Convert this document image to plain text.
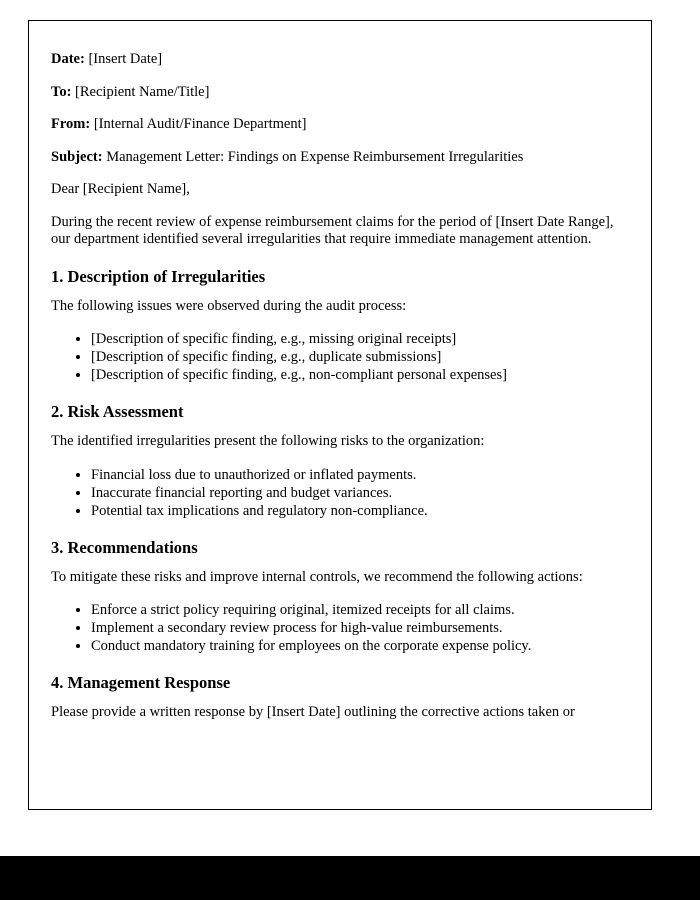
Date: [Insert Date]

To: [Recipient Name/Title]

From: [Internal Audit/Finance Department]

Subject: Management Letter: Findings on Expense Reimbursement Irregularities

Dear [Recipient Name],

During the recent review of expense reimbursement claims for the period of [Insert Date Range], our department identified several irregularities that require immediate management attention.

1. Description of Irregularities

The following issues were observed during the audit process:

• [Description of specific finding, e.g., missing original receipts]
• [Description of specific finding, e.g., duplicate submissions]
• [Description of specific finding, e.g., non-compliant personal expenses]
2. Risk Assessment

The identified irregularities present the following risks to the organization:

• Financial loss due to unauthorized or inflated payments.
• Inaccurate financial reporting and budget variances.
• Potential tax implications and regulatory non-compliance.
3. Recommendations

To mitigate these risks and improve internal controls, we recommend the following actions:

• Enforce a strict policy requiring original, itemized receipts for all claims.
• Implement a secondary review process for high-value reimbursements.
• Conduct mandatory training for employees on the corporate expense policy.
4. Management Response

Please provide a written response by [Insert Date] outlining the corrective actions taken or
